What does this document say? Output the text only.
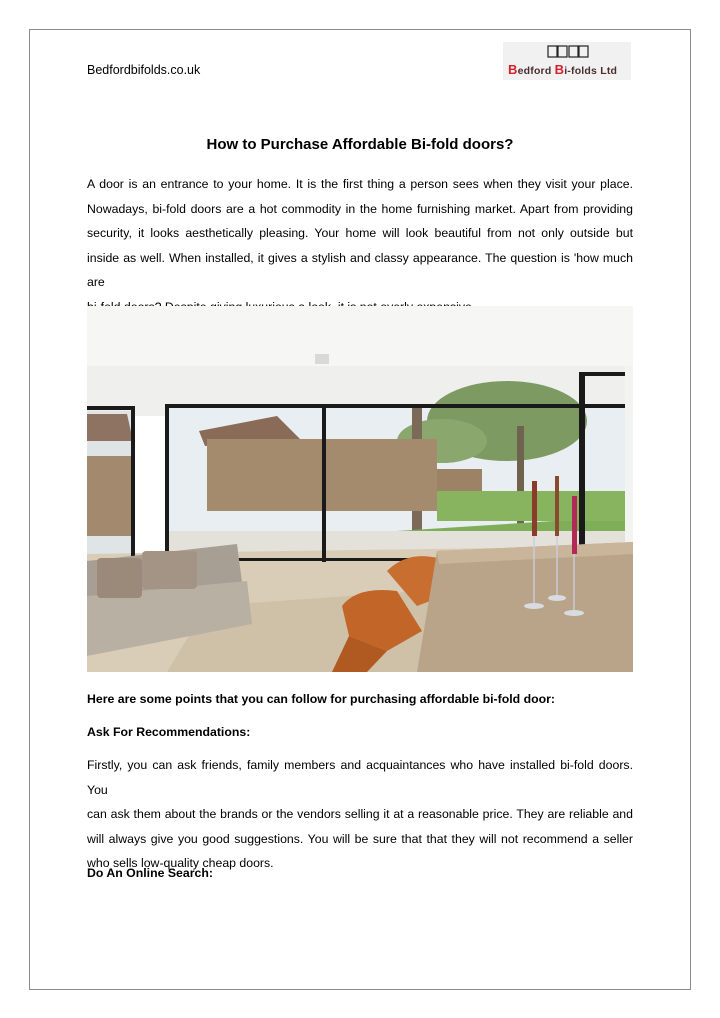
Bedfordbifolds.co.uk	Bedford Bi-folds Ltd
How to Purchase Affordable Bi-fold doors?
A door is an entrance to your home. It is the first thing a person sees when they visit your place.
Nowadays, bi-fold doors are a hot commodity in the home furnishing market. Apart from providing
security, it looks aesthetically pleasing. Your home will look beautiful from not only outside but
inside as well. When installed, it gives a stylish and classy appearance. The question is 'how much are
Here are some points that you can follow for purchasing affordable bi-fold door:
Ask For Recommendations:
Firstly, you can ask friends, family members and acquaintances who have installed bi-fold doors. You
can ask them about the brands or the vendors selling it at a reasonable price. They are reliable and
will always give you good suggestions. You will be sure that that they will not recommend a seller
who sells low-quality cheap doors.
Do An Online Search:
